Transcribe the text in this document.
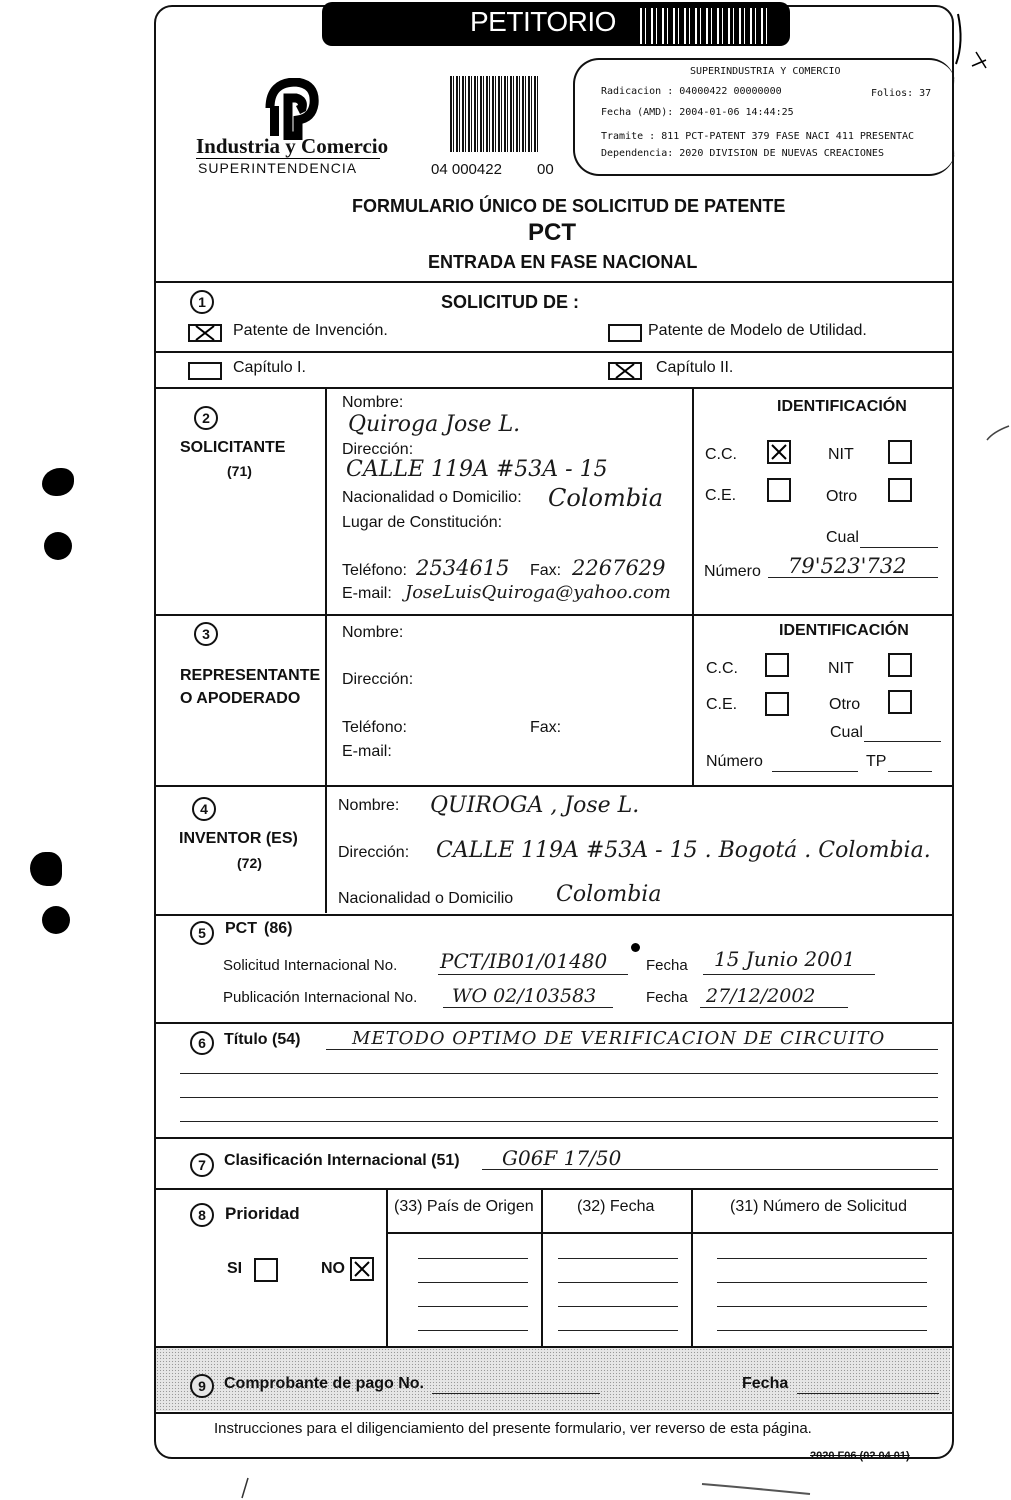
PETITORIO
Industria y Comercio
SUPERINTENDENCIA	04 000422 00
SUPERINDUSTRIA Y COMERCIO
Radicacion : 04000422 00000000	Folios: 37
Fecha (AMD): 2004-01-06 14:44:25
Tramite : 811 PCT-PATENT 379 FASE NACI 411 PRESENTAC
Dependencia: 2020 DIVISION DE NUEVAS CREACIONES
FORMULARIO ÚNICO DE SOLICITUD DE PATENTE
PCT
ENTRADA EN FASE NACIONAL
1	SOLICITUD DE :
Patente de Invención.	Patente de Modelo de Utilidad.
Capítulo I.	Capítulo II.
2
SOLICITANTE
(71)
Nombre:
Quiroga Jose L.
Dirección:
CALLE 119A #53A - 15
Nacionalidad o Domicilio: Colombia
Lugar de Constitución:
Teléfono: 2534615 Fax: 2267629
E-mail: JoseLuisQuiroga@yahoo.com
IDENTIFICACIÓN
C.C.	NIT
C.E.	Otro
Cual
Número 79'523'732
3
REPRESENTANTE
O APODERADO
Nombre:
Dirección:
Teléfono:	Fax:
E-mail:
IDENTIFICACIÓN
C.C.	NIT
C.E.	Otro
Cual
Número	TP
4
INVENTOR (ES)
(72)
Nombre: QUIROGA , Jose L.
Dirección: CALLE 119A #53A - 15 . Bogotá . Colombia.
Nacionalidad o Domicilio Colombia
5	PCT (86)
Solicitud Internacional No. PCT/IB01/01480	Fecha 15 Junio 2001
Publicación Internacional No. WO 02/103583	Fecha 27/12/2002
6	Título (54)	METODO OPTIMO DE VERIFICACION DE CIRCUITO
7	Clasificación Internacional (51) G06F 17/50
8	Prioridad
SI	NO
(33) País de Origen	(32) Fecha	(31) Número de Solicitud
9	Comprobante de pago No.	Fecha
Instrucciones para el diligenciamiento del presente formulario, ver reverso de esta página.
2020 F06 (02 04 01)
